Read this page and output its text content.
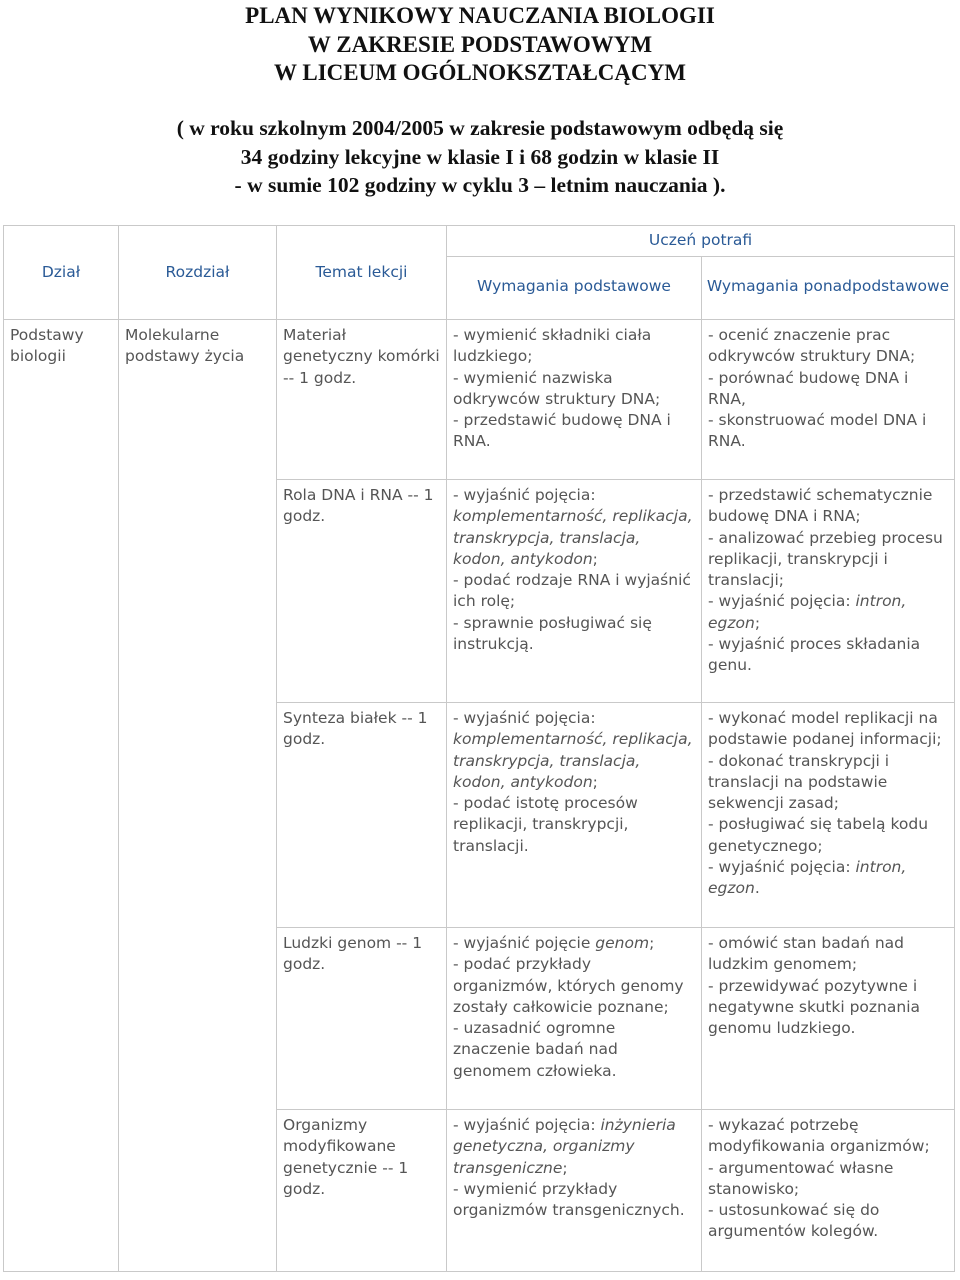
PLAN WYNIKOWY NAUCZANIA BIOLOGII
W ZAKRESIE PODSTAWOWYM
W LICEUM OGÓLNOKSZTAŁCĄCYM
( w roku szkolnym 2004/2005 w zakresie podstawowym odbędą się
34 godziny lekcyjne w klasie I i 68 godzin w klasie II
- w sumie 102 godziny w cyklu 3 – letnim nauczania ).
Dział	Rozdział	Temat lekcji	Uczeń potrafi	
			Wymagania podstawowe	Wymagania ponadpodstawowe
Podstawy biologii	Molekularne podstawy życia	Materiał genetyczny komórki -- 1 godz.	- wymienić składniki ciała ludzkiego;
- wymienić nazwiska odkrywców struktury DNA;
- przedstawić budowę DNA i RNA.	- ocenić znaczenie prac odkrywców struktury DNA;
- porównać budowę DNA i RNA,
- skonstruować model DNA i RNA.
		Rola DNA i RNA -- 1 godz.	- wyjaśnić pojęcia: komplementarność, replikacja, transkrypcja, translacja, kodon, antykodon;
- podać rodzaje RNA i wyjaśnić ich rolę;
- sprawnie posługiwać się instrukcją.	- przedstawić schematycznie budowę DNA i RNA;
- analizować przebieg procesu replikacji, transkrypcji i translacji;
- wyjaśnić pojęcia: intron, egzon;
- wyjaśnić proces składania genu.
		Synteza białek -- 1 godz.	- wyjaśnić pojęcia: komplementarność, replikacja, transkrypcja, translacja, kodon, antykodon;
- podać istotę procesów replikacji, transkrypcji, translacji.	- wykonać model replikacji na podstawie podanej informacji;
- dokonać transkrypcji i translacji na podstawie sekwencji zasad;
- posługiwać się tabelą kodu genetycznego;
- wyjaśnić pojęcia: intron, egzon.
		Ludzki genom -- 1 godz.	- wyjaśnić pojęcie genom;
- podać przykłady organizmów, których genomy zostały całkowicie poznane;
- uzasadnić ogromne znaczenie badań nad genomem człowieka.	- omówić stan badań nad ludzkim genomem;
- przewidywać pozytywne i negatywne skutki poznania genomu ludzkiego.
		Organizmy modyfikowane genetycznie -- 1 godz.	- wyjaśnić pojęcia: inżynieria genetyczna, organizmy transgeniczne;
- wymienić przykłady organizmów transgenicznych.	- wykazać potrzebę modyfikowania organizmów;
- argumentować własne stanowisko;
- ustosunkować się do argumentów kolegów.
